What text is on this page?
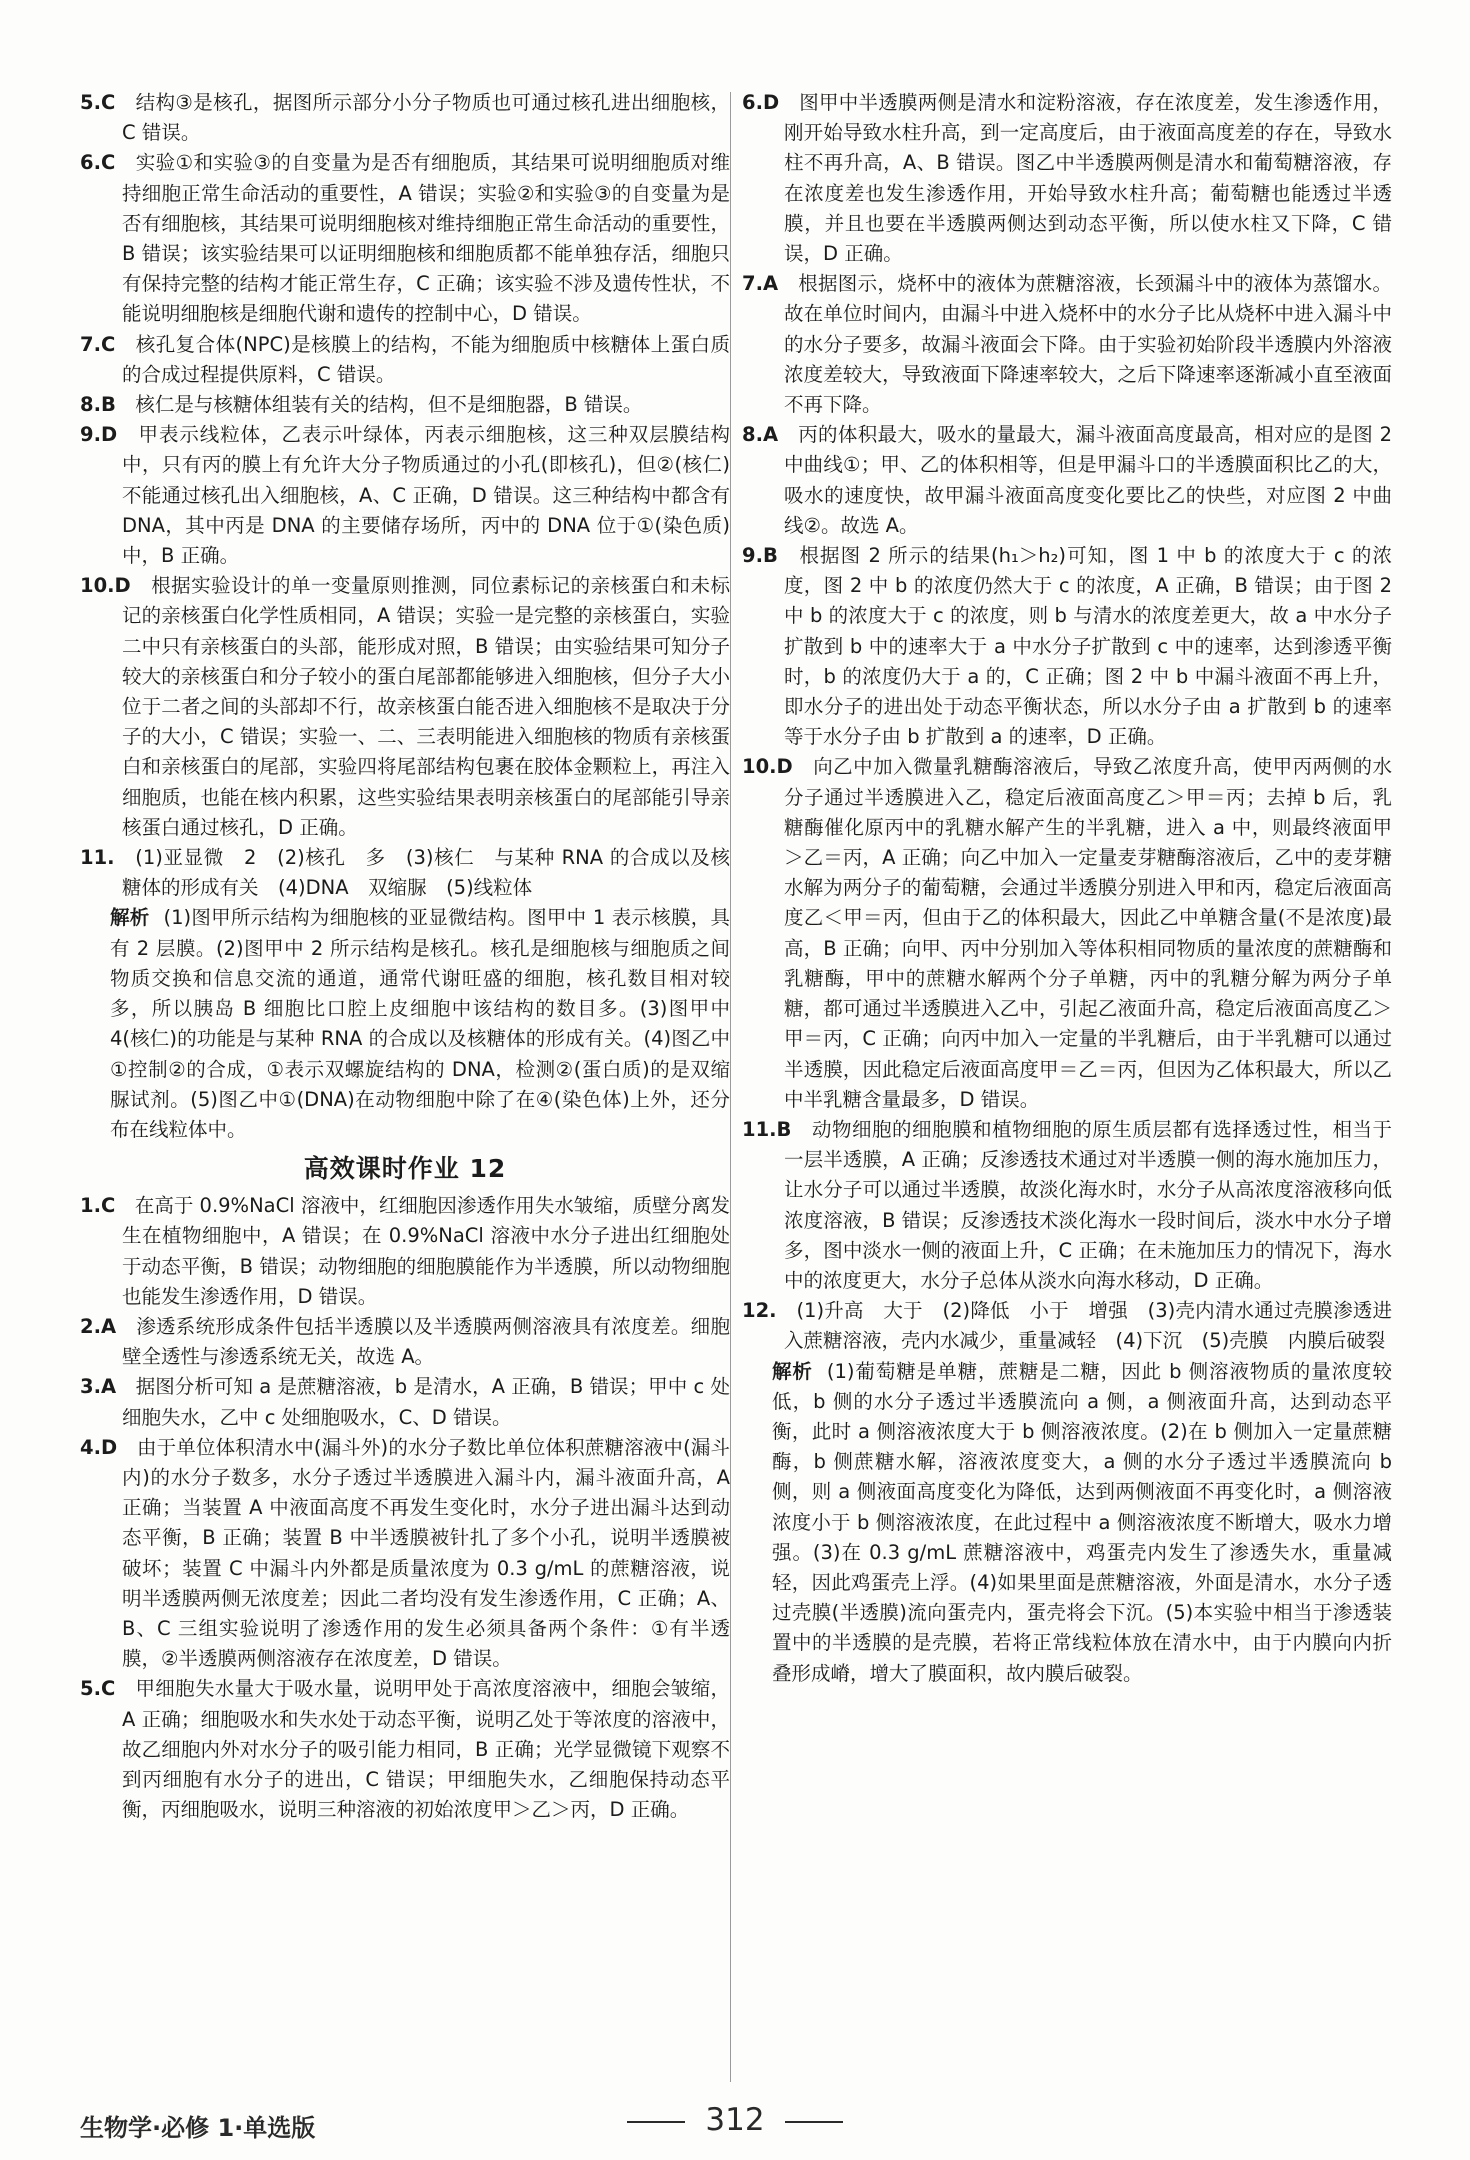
5.C　 结构③是核孔，据图所示部分小分子物质也可通过核孔进出细胞核，C 错误。

6.C　 实验①和实验③的自变量为是否有细胞质，其结果可说明细胞质对维持细胞正常生命活动的重要性，A 错误；实验②和实验③的自变量为是否有细胞核，其结果可说明细胞核对维持细胞正常生命活动的重要性，B 错误；该实验结果可以证明细胞核和细胞质都不能单独存活，细胞只有保持完整的结构才能正常生存，C 正确；该实验不涉及遗传性状，不能说明细胞核是细胞代谢和遗传的控制中心，D 错误。

7.C　 核孔复合体(NPC)是核膜上的结构，不能为细胞质中核糖体上蛋白质的合成过程提供原料，C 错误。

8.B　 核仁是与核糖体组装有关的结构，但不是细胞器，B 错误。

9.D　 甲表示线粒体，乙表示叶绿体，丙表示细胞核，这三种双层膜结构中，只有丙的膜上有允许大分子物质通过的小孔(即核孔)，但②(核仁)不能通过核孔出入细胞核，A、C 正确，D 错误。这三种结构中都含有 DNA，其中丙是 DNA 的主要储存场所，丙中的 DNA 位于①(染色质)中，B 正确。

10.D　 根据实验设计的单一变量原则推测，同位素标记的亲核蛋白和未标记的亲核蛋白化学性质相同，A 错误；实验一是完整的亲核蛋白，实验二中只有亲核蛋白的头部，能形成对照，B 错误；由实验结果可知分子较大的亲核蛋白和分子较小的蛋白尾部都能够进入细胞核，但分子大小位于二者之间的头部却不行，故亲核蛋白能否进入细胞核不是取决于分子的大小，C 错误；实验一、二、三表明能进入细胞核的物质有亲核蛋白和亲核蛋白的尾部，实验四将尾部结构包裹在胶体金颗粒上，再注入细胞质，也能在核内积累，这些实验结果表明亲核蛋白的尾部能引导亲核蛋白通过核孔，D 正确。

11.　 (1)亚显微　2　(2)核孔　多　(3)核仁　与某种 RNA 的合成以及核糖体的形成有关　(4)DNA　双缩脲　(5)线粒体

解析 (1)图甲所示结构为细胞核的亚显微结构。图甲中 1 表示核膜，具有 2 层膜。(2)图甲中 2 所示结构是核孔。核孔是细胞核与细胞质之间物质交换和信息交流的通道，通常代谢旺盛的细胞，核孔数目相对较多，所以胰岛 B 细胞比口腔上皮细胞中该结构的数目多。(3)图甲中 4(核仁)的功能是与某种 RNA 的合成以及核糖体的形成有关。(4)图乙中①控制②的合成，①表示双螺旋结构的 DNA，检测②(蛋白质)的是双缩脲试剂。(5)图乙中①(DNA)在动物细胞中除了在④(染色体)上外，还分布在线粒体中。

高效课时作业 12

1.C　 在高于 0.9%NaCl 溶液中，红细胞因渗透作用失水皱缩，质壁分离发生在植物细胞中，A 错误；在 0.9%NaCl 溶液中水分子进出红细胞处于动态平衡，B 错误；动物细胞的细胞膜能作为半透膜，所以动物细胞也能发生渗透作用，D 错误。

2.A　 渗透系统形成条件包括半透膜以及半透膜两侧溶液具有浓度差。细胞壁全透性与渗透系统无关，故选 A。

3.A　 据图分析可知 a 是蔗糖溶液，b 是清水，A 正确，B 错误；甲中 c 处细胞失水，乙中 c 处细胞吸水，C、D 错误。

4.D　 由于单位体积清水中(漏斗外)的水分子数比单位体积蔗糖溶液中(漏斗内)的水分子数多，水分子透过半透膜进入漏斗内，漏斗液面升高，A 正确；当装置 A 中液面高度不再发生变化时，水分子进出漏斗达到动态平衡，B 正确；装置 B 中半透膜被针扎了多个小孔，说明半透膜被破坏；装置 C 中漏斗内外都是质量浓度为 0.3 g/mL 的蔗糖溶液，说明半透膜两侧无浓度差；因此二者均没有发生渗透作用，C 正确；A、B、C 三组实验说明了渗透作用的发生必须具备两个条件：①有半透膜，②半透膜两侧溶液存在浓度差，D 错误。

5.C　 甲细胞失水量大于吸水量，说明甲处于高浓度溶液中，细胞会皱缩，A 正确；细胞吸水和失水处于动态平衡，说明乙处于等浓度的溶液中，故乙细胞内外对水分子的吸引能力相同，B 正确；光学显微镜下观察不到丙细胞有水分子的进出，C 错误；甲细胞失水，乙细胞保持动态平衡，丙细胞吸水，说明三种溶液的初始浓度甲＞乙＞丙，D 正确。

6.D　 图甲中半透膜两侧是清水和淀粉溶液，存在浓度差，发生渗透作用，刚开始导致水柱升高，到一定高度后，由于液面高度差的存在，导致水柱不再升高，A、B 错误。图乙中半透膜两侧是清水和葡萄糖溶液，存在浓度差也发生渗透作用，开始导致水柱升高；葡萄糖也能透过半透膜，并且也要在半透膜两侧达到动态平衡，所以使水柱又下降，C 错误，D 正确。

7.A　 根据图示，烧杯中的液体为蔗糖溶液，长颈漏斗中的液体为蒸馏水。故在单位时间内，由漏斗中进入烧杯中的水分子比从烧杯中进入漏斗中的水分子要多，故漏斗液面会下降。由于实验初始阶段半透膜内外溶液浓度差较大，导致液面下降速率较大，之后下降速率逐渐减小直至液面不再下降。

8.A　 丙的体积最大，吸水的量最大，漏斗液面高度最高，相对应的是图 2 中曲线①；甲、乙的体积相等，但是甲漏斗口的半透膜面积比乙的大，吸水的速度快，故甲漏斗液面高度变化要比乙的快些，对应图 2 中曲线②。故选 A。

9.B　 根据图 2 所示的结果(h₁＞h₂)可知，图 1 中 b 的浓度大于 c 的浓度，图 2 中 b 的浓度仍然大于 c 的浓度，A 正确，B 错误；由于图 2 中 b 的浓度大于 c 的浓度，则 b 与清水的浓度差更大，故 a 中水分子扩散到 b 中的速率大于 a 中水分子扩散到 c 中的速率，达到渗透平衡时，b 的浓度仍大于 a 的，C 正确；图 2 中 b 中漏斗液面不再上升，即水分子的进出处于动态平衡状态，所以水分子由 a 扩散到 b 的速率等于水分子由 b 扩散到 a 的速率，D 正确。

10.D　 向乙中加入微量乳糖酶溶液后，导致乙浓度升高，使甲丙两侧的水分子通过半透膜进入乙，稳定后液面高度乙＞甲＝丙；去掉 b 后，乳糖酶催化原丙中的乳糖水解产生的半乳糖，进入 a 中，则最终液面甲＞乙＝丙，A 正确；向乙中加入一定量麦芽糖酶溶液后，乙中的麦芽糖水解为两分子的葡萄糖，会通过半透膜分别进入甲和丙，稳定后液面高度乙＜甲＝丙，但由于乙的体积最大，因此乙中单糖含量(不是浓度)最高，B 正确；向甲、丙中分别加入等体积相同物质的量浓度的蔗糖酶和乳糖酶，甲中的蔗糖水解两个分子单糖，丙中的乳糖分解为两分子单糖，都可通过半透膜进入乙中，引起乙液面升高，稳定后液面高度乙＞甲＝丙，C 正确；向丙中加入一定量的半乳糖后，由于半乳糖可以通过半透膜，因此稳定后液面高度甲＝乙＝丙，但因为乙体积最大，所以乙中半乳糖含量最多，D 错误。

11.B　 动物细胞的细胞膜和植物细胞的原生质层都有选择透过性，相当于一层半透膜，A 正确；反渗透技术通过对半透膜一侧的海水施加压力，让水分子可以通过半透膜，故淡化海水时，水分子从高浓度溶液移向低浓度溶液，B 错误；反渗透技术淡化海水一段时间后，淡水中水分子增多，图中淡水一侧的液面上升，C 正确；在未施加压力的情况下，海水中的浓度更大，水分子总体从淡水向海水移动，D 正确。

12.　 (1)升高　大于　(2)降低　小于　增强　(3)壳内清水通过壳膜渗透进入蔗糖溶液，壳内水减少，重量减轻　(4)下沉　(5)壳膜　内膜后破裂

解析 (1)葡萄糖是单糖，蔗糖是二糖，因此 b 侧溶液物质的量浓度较低，b 侧的水分子透过半透膜流向 a 侧，a 侧液面升高，达到动态平衡，此时 a 侧溶液浓度大于 b 侧溶液浓度。(2)在 b 侧加入一定量蔗糖酶，b 侧蔗糖水解，溶液浓度变大，a 侧的水分子透过半透膜流向 b 侧，则 a 侧液面高度变化为降低，达到两侧液面不再变化时，a 侧溶液浓度小于 b 侧溶液浓度，在此过程中 a 侧溶液浓度不断增大，吸水力增强。(3)在 0.3 g/mL 蔗糖溶液中，鸡蛋壳内发生了渗透失水，重量减轻，因此鸡蛋壳上浮。(4)如果里面是蔗糖溶液，外面是清水，水分子透过壳膜(半透膜)流向蛋壳内，蛋壳将会下沉。(5)本实验中相当于渗透装置中的半透膜的是壳膜，若将正常线粒体放在清水中，由于内膜向内折叠形成嵴，增大了膜面积，故内膜后破裂。

生物学·必修 1·单选版	312
